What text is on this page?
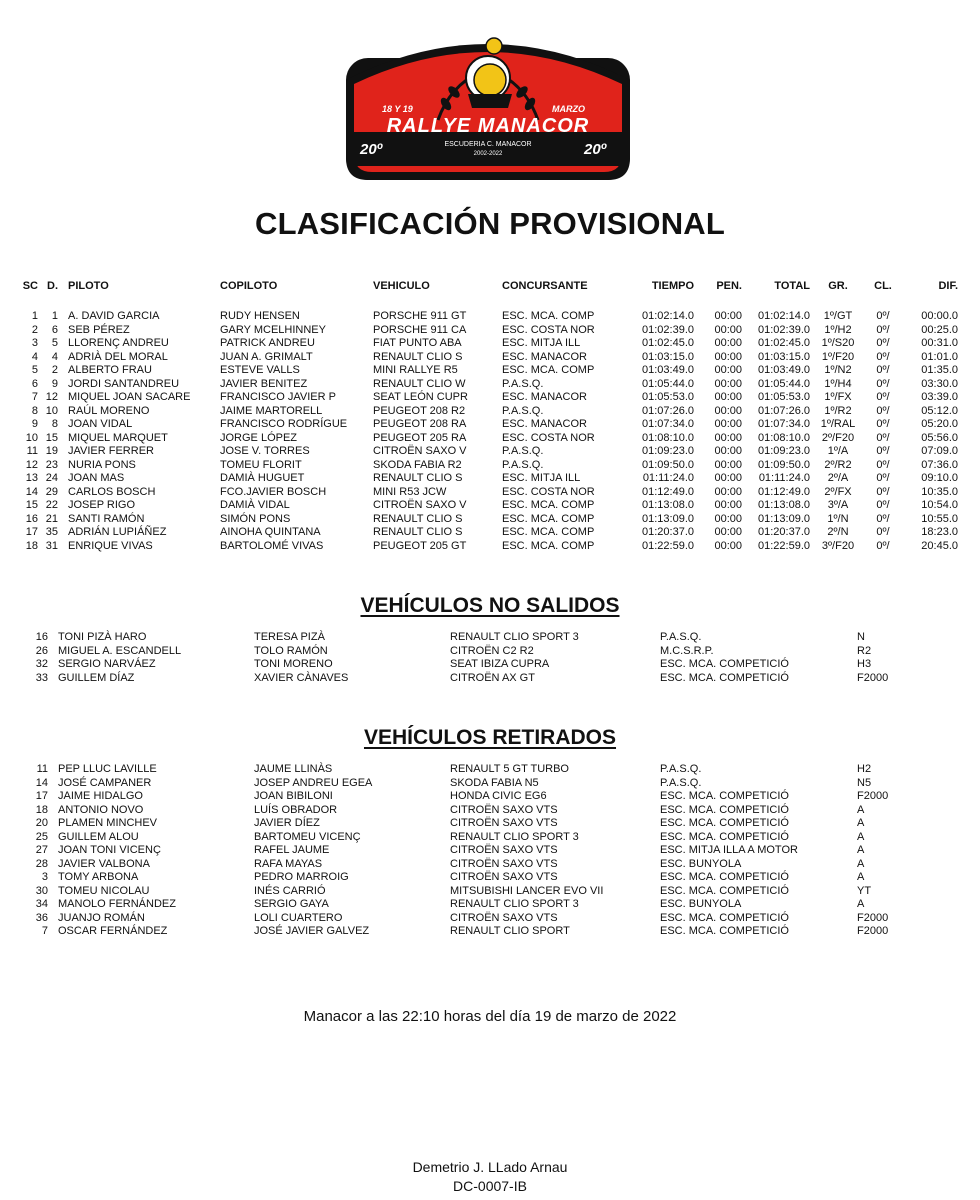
18 Y 19	MARZO
RALLYE MANACOR
20º	20º
ESCUDERIA C. MANACOR
2002-2022
CLASIFICACIÓN PROVISIONAL
SC D. PILOTO	COPILOTO	VEHICULO	CONCURSANTE	TIEMPO	PEN.	TOTAL	GR.	CL.	DIF.
1	1 A. DAVID GARCIA	RUDY HENSEN	PORSCHE 911 GT	ESC. MCA. COMP	01:02:14.0	00:00	01:02:14.0	1º/GT	0º/	00:00.0
2	6 SEB PÉREZ	GARY MCELHINNEY	PORSCHE 911 CA	ESC. COSTA NOR	01:02:39.0	00:00	01:02:39.0	1º/H2	0º/	00:25.0
3	5 LLORENÇ ANDREU	PATRICK ANDREU	FIAT PUNTO ABA	ESC. MITJA ILL	01:02:45.0	00:00	01:02:45.0	1º/S20	0º/	00:31.0
4	4 ADRIÀ DEL MORAL	JUAN A. GRIMALT	RENAULT CLIO S	ESC. MANACOR	01:03:15.0	00:00	01:03:15.0	1º/F20	0º/	01:01.0
5	2 ALBERTO FRAU	ESTEVE VALLS	MINI RALLYE R5	ESC. MCA. COMP	01:03:49.0	00:00	01:03:49.0	1º/N2	0º/	01:35.0
6	9 JORDI SANTANDREU	JAVIER BENITEZ	RENAULT CLIO W	P.A.S.Q.	01:05:44.0	00:00	01:05:44.0	1º/H4	0º/	03:30.0
7 12 MIQUEL JOAN SACARE	FRANCISCO JAVIER P	SEAT LEÓN CUPR	ESC. MANACOR	01:05:53.0	00:00	01:05:53.0	1º/FX	0º/	03:39.0
8 10 RAÚL MORENO	JAIME MARTORELL	PEUGEOT 208 R2	P.A.S.Q.	01:07:26.0	00:00	01:07:26.0	1º/R2	0º/	05:12.0
9	8 JOAN VIDAL	FRANCISCO RODRÍGUE	PEUGEOT 208 RA	ESC. MANACOR	01:07:34.0	00:00	01:07:34.0 1º/RAL	0º/	05:20.0
10 15 MIQUEL MARQUET	JORGE LÓPEZ	PEUGEOT 205 RA	ESC. COSTA NOR	01:08:10.0	00:00	01:08:10.0	2º/F20	0º/	05:56.0
11 19 JAVIER FERRER	JOSE V. TORRES	CITROËN SAXO V	P.A.S.Q.	01:09:23.0	00:00	01:09:23.0	1º/A	0º/	07:09.0
12 23 NURIA PONS	TOMEU FLORIT	SKODA FABIA R2	P.A.S.Q.	01:09:50.0	00:00	01:09:50.0	2º/R2	0º/	07:36.0
13 24 JOAN MAS	DAMIÀ HUGUET	RENAULT CLIO S	ESC. MITJA ILL	01:11:24.0	00:00	01:11:24.0	2º/A	0º/	09:10.0
14 29 CARLOS BOSCH	FCO.JAVIER BOSCH	MINI R53 JCW	ESC. COSTA NOR	01:12:49.0	00:00	01:12:49.0	2º/FX	0º/	10:35.0
15 22 JOSEP RIGO	DAMIÀ VIDAL	CITROËN SAXO V	ESC. MCA. COMP	01:13:08.0	00:00	01:13:08.0	3º/A	0º/	10:54.0
16 21 SANTI RAMÓN	SIMÓN PONS	RENAULT CLIO S	ESC. MCA. COMP	01:13:09.0	00:00	01:13:09.0	1º/N	0º/	10:55.0
17 35 ADRIÁN LUPIÁÑEZ	AINOHA QUINTANA	RENAULT CLIO S	ESC. MCA. COMP	01:20:37.0	00:00	01:20:37.0	2º/N	0º/	18:23.0
18 31 ENRIQUE VIVAS	BARTOLOMÉ VIVAS	PEUGEOT 205 GT	ESC. MCA. COMP	01:22:59.0	00:00	01:22:59.0	3º/F20	0º/	20:45.0
VEHÍCULOS NO SALIDOS
16 TONI PIZÀ HARO	TERESA PIZÀ	RENAULT CLIO SPORT 3	P.A.S.Q.	N
26 MIGUEL A. ESCANDELL	TOLO RAMÓN	CITROËN C2 R2	M.C.S.R.P.	R2
32 SERGIO NARVÁEZ	TONI MORENO	SEAT IBIZA CUPRA	ESC. MCA. COMPETICIÓ	H3
33 GUILLEM DÍAZ	XAVIER CÀNAVES	CITROËN AX GT	ESC. MCA. COMPETICIÓ	F2000
VEHÍCULOS RETIRADOS
11 PEP LLUC LAVILLE	JAUME LLINÀS	RENAULT 5 GT TURBO	P.A.S.Q.	H2
14 JOSÉ CAMPANER	JOSEP ANDREU EGEA	SKODA FABIA N5	P.A.S.Q.	N5
17 JAIME HIDALGO	JOAN BIBILONI	HONDA CIVIC EG6	ESC. MCA. COMPETICIÓ	F2000
18 ANTONIO NOVO	LUÍS OBRADOR	CITROËN SAXO VTS	ESC. MCA. COMPETICIÓ	A
20 PLAMEN MINCHEV	JAVIER DÍEZ	CITROËN SAXO VTS	ESC. MCA. COMPETICIÓ	A
25 GUILLEM ALOU	BARTOMEU VICENÇ	RENAULT CLIO SPORT 3	ESC. MCA. COMPETICIÓ	A
27 JOAN TONI VICENÇ	RAFEL JAUME	CITROËN SAXO VTS	ESC. MITJA ILLA A MOTOR	A
28 JAVIER VALBONA	RAFA MAYAS	CITROËN SAXO VTS	ESC. BUNYOLA	A
3 TOMY ARBONA	PEDRO MARROIG	CITROËN SAXO VTS	ESC. MCA. COMPETICIÓ	A
30 TOMEU NICOLAU	INÉS CARRIÓ	MITSUBISHI LANCER EVO VII	ESC. MCA. COMPETICIÓ	YT
34 MANOLO FERNÁNDEZ	SERGIO GAYA	RENAULT CLIO SPORT 3	ESC. BUNYOLA	A
36 JUANJO ROMÁN	LOLI CUARTERO	CITROËN SAXO VTS	ESC. MCA. COMPETICIÓ	F2000
7 OSCAR FERNÁNDEZ	JOSÉ JAVIER GALVEZ	RENAULT CLIO SPORT	ESC. MCA. COMPETICIÓ	F2000
Manacor a las 22:10 horas del día 19 de marzo de 2022
Demetrio J. LLado Arnau
DC-0007-IB
